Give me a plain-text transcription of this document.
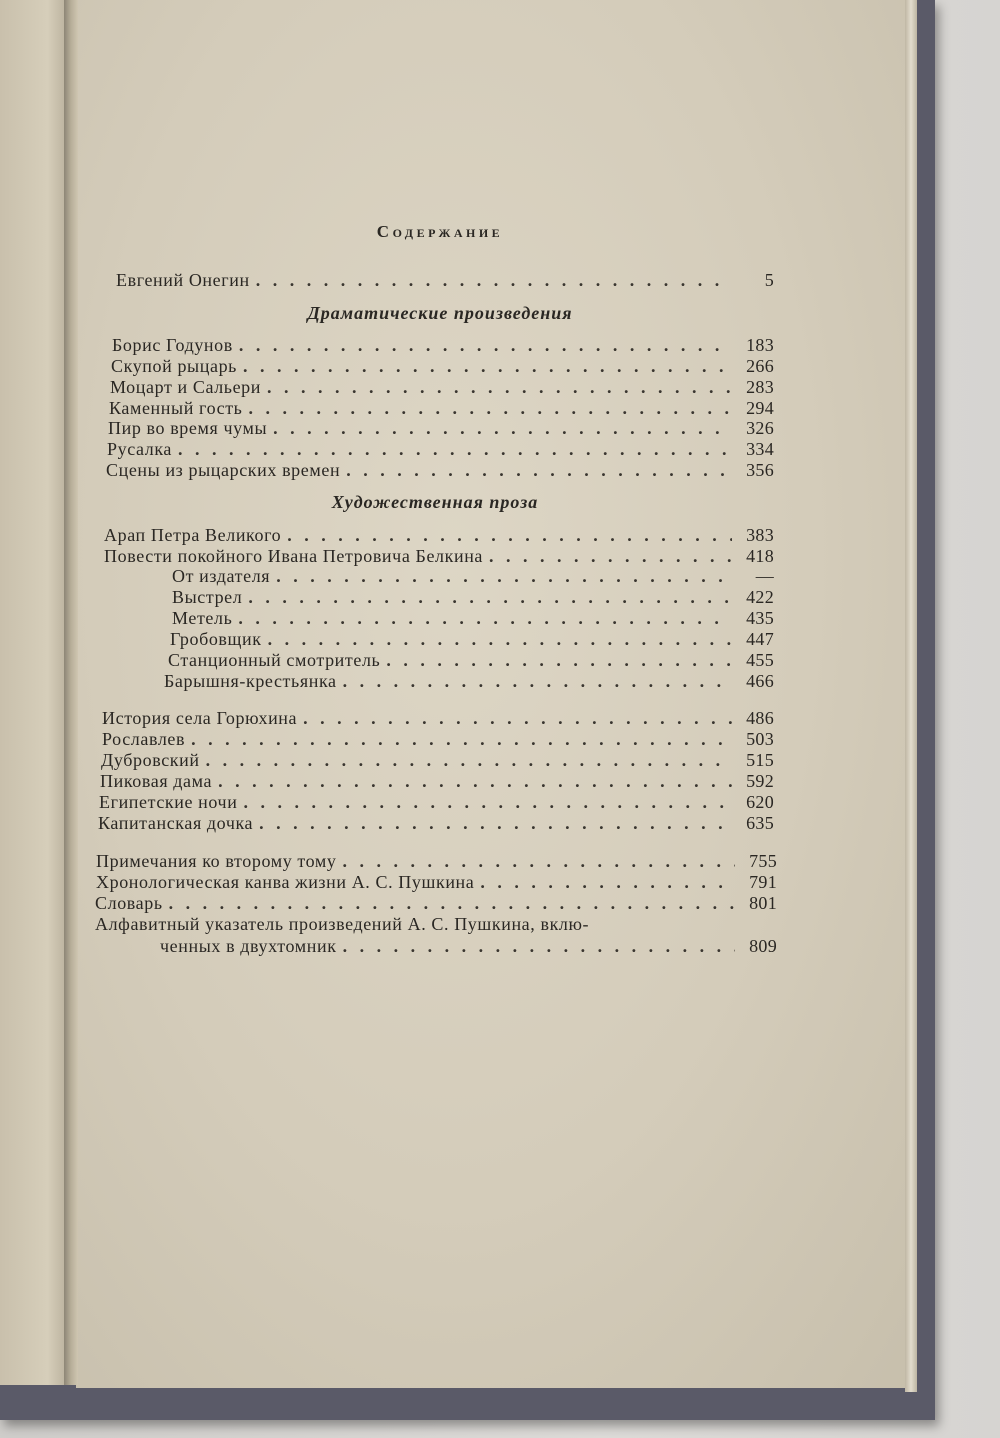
Содержание
Евгений Онегин . . .	5
Драматические произведения
Борис Годунов . . .	183
Скупой рыцарь . . .	266
Моцарт и Сальери . . .	283
Каменный гость . . .	294
Пир во время чумы . . .	326
Русалка . . .	334
Сцены из рыцарских времен . . .	356
Художественная проза
Арап Петра Великого . . .	383
Повести покойного Ивана Петровича Белкина . . .	418
От издателя . . .	—
Выстрел . . .	422
Метель . . .	435
Гробовщик . . .	447
Станционный смотритель . . .	455
Барышня-крестьянка . . .	466
История села Горюхина . . .	486
Рославлев . . .	503
Дубровский . . .	515
Пиковая дама . . .	592
Египетские ночи . . .	620
Капитанская дочка . . .	635
Примечания ко второму тому . . .	755
Хронологическая канва жизни А. С. Пушкина . . .	791
Словарь . . .	801
Алфавитный указатель произведений А. С. Пушкина, вклю-
ченных в двухтомник . . .	809
